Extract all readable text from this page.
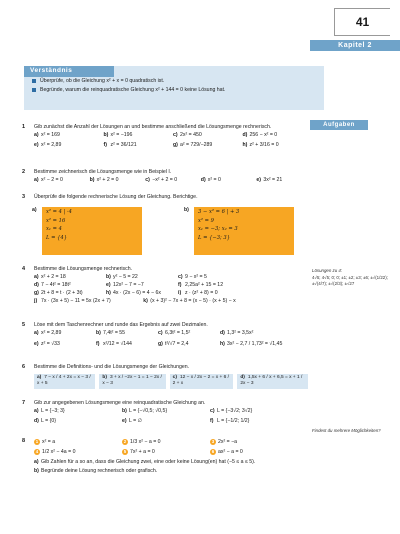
41
Kapitel 2
Verständnis
Überprüfe, ob die Gleichung x² + x = 0 quadratisch ist.
Begründe, warum die reinquadratische Gleichung x² + 144 = 0 keine Lösung hat.
Aufgaben
Lösungen zu 4:
4√5; 4√5; 0; 0; ±1; ±2; ±3; ±6; ±√(1/22); ±√(4/7); ±√(2/3); ±√27
Findest du mehrere Möglichkeiten?
1 Gib zunächst die Anzahl der Lösungen an und bestimme anschließend die Lösungsmenge rechnerisch.
a) x² = 169	b) x² = −196	c) 2x² = 450	d) 256 − x² = 0
e) x² = 2,89	f) z² = 36/121	g) a² = 729/−289	h) z² + 3/16 = 0
2 Bestimme zeichnerisch die Lösungsmenge wie in Beispiel I.
a) x² − 2 = 0	b) x² + 2 = 0	c) −x² + 2 = 0	d) x² = 0	e) 3x² = 21
3 Überprüfe die folgende rechnerische Lösung der Gleichung. Berichtige.
a) x² = 4 | ·4
x² = 16
x₁ = 4
L = {4}
b) 3 − x² = 6 | + 3
x² = 9
x₁ = −3; x₂ = 3
L = {−3; 3}
4 Bestimme die Lösungsmenge rechnerisch.
a) x² + 2 = 18	b) y² − 5 = 22	c) 9 − x² = 5
d) 7 − 4t² = 18t²	e) 12x² − 7 = −7	f) 2,25a² + 15 = 12
g) 2t + 8 = t · (2 + 3t)	h) 4x · (2x − 6) = 4 − 6x	i) z · (z² + 8) = 0
j) 7x · (3x + 5) − 11 = 5x (2x + 7)	k) (x + 3)² − 7x + 8 = (x − 5) · (x + 5) − x
5 Löse mit dem Taschenrechner und runde das Ergebnis auf zwei Dezimalen.
a) x² = 2,89	b) 7,4t² = 55	c) 6,3t² = 1,5²	d) 1,3² = 3,5x²
e) z² = √33	f) x²/12 = √144	g) t²/√7 = 2,4	h) 3x² − 2,7 / 1,73² = √1,45
6 Bestimme die Definitions- und die Lösungsmenge der Gleichungen.
a) 7 − x / 4 + 2x = x − 3 / x + 5
b) 3 + x / −2x − 1 = 1 − 2x / x − 3
c) 12 − x / 2x − 2 = x + 6 / 2 + x
d) 1,5x + 6 / x + 6,5 = x + 1 / 2x − 3
7 Gib zur angegebenen Lösungsmenge eine reinquadratische Gleichung an.
a) L = {−3; 3}	b) L = {−√0,5; √0,5}	c) L = {−3√2; 3√2}
d) L = {0}	e) L = ∅	f) L = {−1/2; 1/2}
8	1 x² = a	2 1/3 x² − a = 0	3 2x² = −a
4 1/2 x² − 4a = 0	5 7x² + a = 0	6 ax² − a = 0
a) Gib Zahlen für a so an, dass die Gleichung zwei, eine oder keine Lösung(en) hat (−5 ≤ a ≤ 5).
b) Begründe deine Lösung rechnerisch oder grafisch.
